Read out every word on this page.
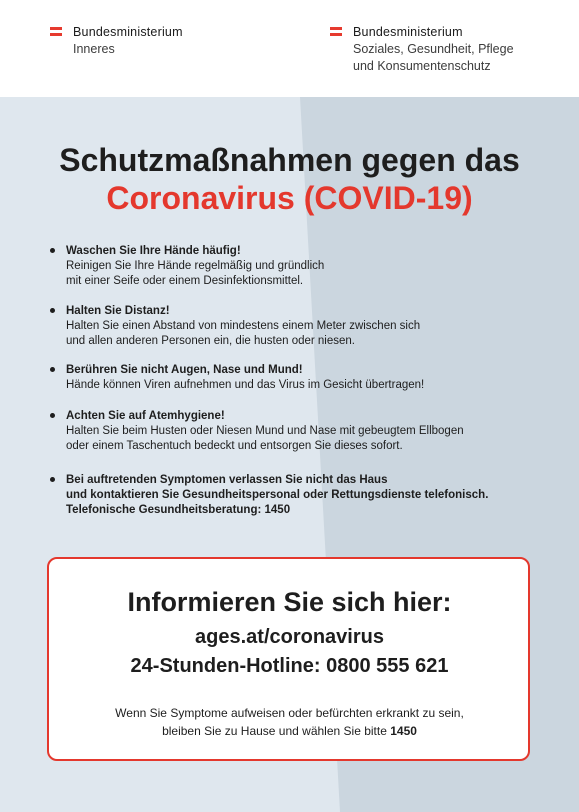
Bundesministerium
Inneres
Bundesministerium
Soziales, Gesundheit, Pflege
und Konsumentenschutz
Schutzmaßnahmen gegen das
Coronavirus (COVID-19)
Waschen Sie Ihre Hände häufig!
Reinigen Sie Ihre Hände regelmäßig und gründlich
mit einer Seife oder einem Desinfektionsmittel.
Halten Sie Distanz!
Halten Sie einen Abstand von mindestens einem Meter zwischen sich
und allen anderen Personen ein, die husten oder niesen.
Berühren Sie nicht Augen, Nase und Mund!
Hände können Viren aufnehmen und das Virus im Gesicht übertragen!
Achten Sie auf Atemhygiene!
Halten Sie beim Husten oder Niesen Mund und Nase mit gebeugtem Ellbogen
oder einem Taschentuch bedeckt und entsorgen Sie dieses sofort.
Bei auftretenden Symptomen verlassen Sie nicht das Haus
und kontaktieren Sie Gesundheitspersonal oder Rettungsdienste telefonisch.
Telefonische Gesundheitsberatung: 1450
Informieren Sie sich hier:
ages.at/coronavirus
24-Stunden-Hotline: 0800 555 621
Wenn Sie Symptome aufweisen oder befürchten erkrankt zu sein,
bleiben Sie zu Hause und wählen Sie bitte 1450
